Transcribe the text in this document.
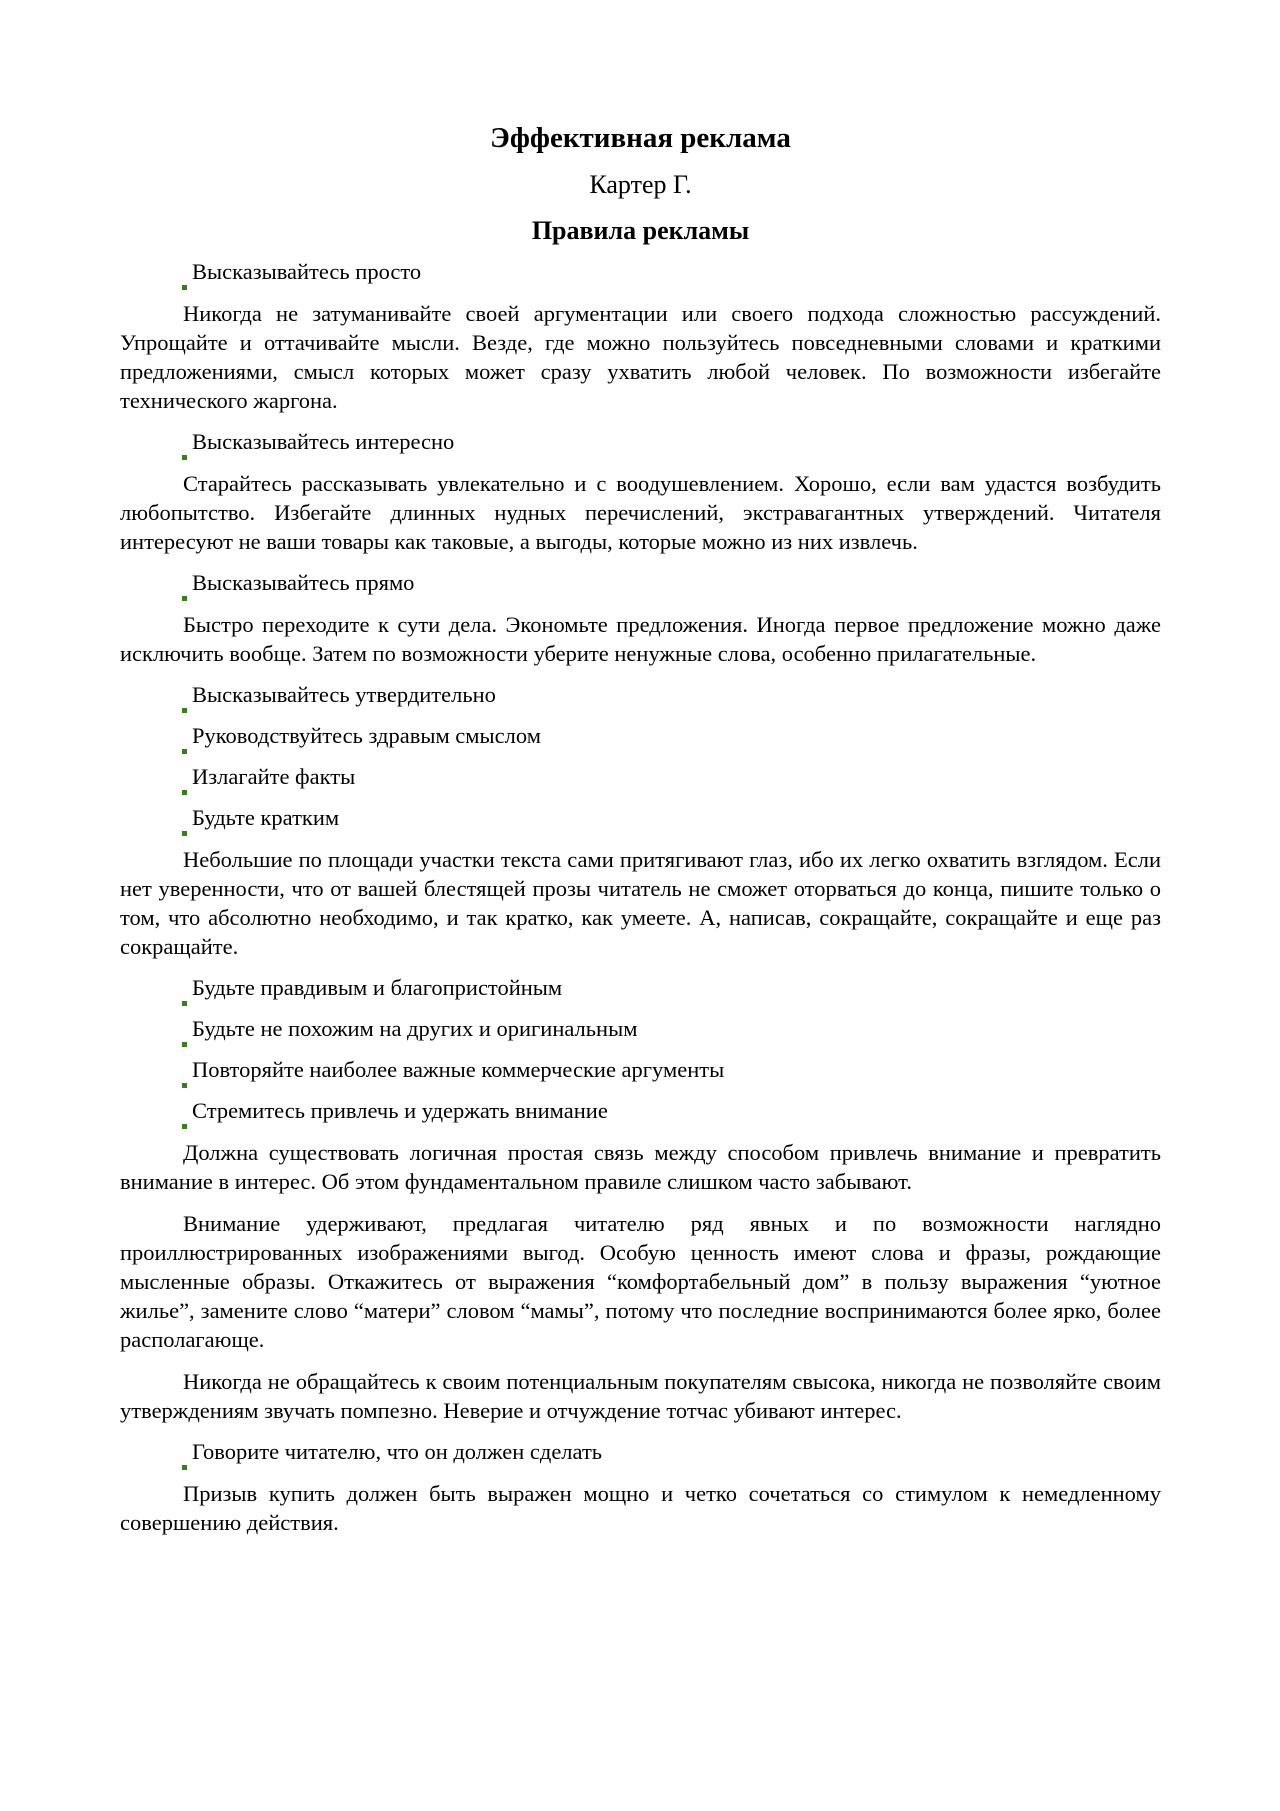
Эффективная реклама
Картер Г.
Правила рекламы
Высказывайтесь просто

Никогда не затуманивайте своей аргументации или своего подхода сложностью рассуждений. Упрощайте и оттачивайте мысли. Везде, где можно пользуйтесь повседневными словами и краткими предложениями, смысл которых может сразу ухватить любой человек. По возможности избегайте технического жаргона.

Высказывайтесь интересно

Старайтесь рассказывать увлекательно и с воодушевлением. Хорошо, если вам удастся возбудить любопытство. Избегайте длинных нудных перечислений, экстравагантных утверждений. Читателя интересуют не ваши товары как таковые, а выгоды, которые можно из них извлечь.

Высказывайтесь прямо

Быстро переходите к сути дела. Экономьте предложения. Иногда первое предложение можно даже исключить вообще. Затем по возможности уберите ненужные слова, особенно прилагательные.

Высказывайтесь утвердительно
Руководствуйтесь здравым смыслом
Излагайте факты
Будьте кратким

Небольшие по площади участки текста сами притягивают глаз, ибо их легко охватить взглядом. Если нет уверенности, что от вашей блестящей прозы читатель не сможет оторваться до конца, пишите только о том, что абсолютно необходимо, и так кратко, как умеете. А, написав, сокращайте, сокращайте и еще раз сокращайте.

Будьте правдивым и благопристойным
Будьте не похожим на других и оригинальным
Повторяйте наиболее важные коммерческие аргументы
Стремитесь привлечь и удержать внимание

Должна существовать логичная простая связь между способом привлечь внимание и превратить внимание в интерес. Об этом фундаментальном правиле слишком часто забывают.

Внимание удерживают, предлагая читателю ряд явных и по возможности наглядно проиллюстрированных изображениями выгод. Особую ценность имеют слова и фразы, рождающие мысленные образы. Откажитесь от выражения “комфортабельный дом” в пользу выражения “уютное жилье”, замените слово “матери” словом “мамы”, потому что последние воспринимаются более ярко, более располагающе.

Никогда не обращайтесь к своим потенциальным покупателям свысока, никогда не позволяйте своим утверждениям звучать помпезно. Неверие и отчуждение тотчас убивают интерес.

Говорите читателю, что он должен сделать

Призыв купить должен быть выражен мощно и четко сочетаться со стимулом к немедленному совершению действия.
